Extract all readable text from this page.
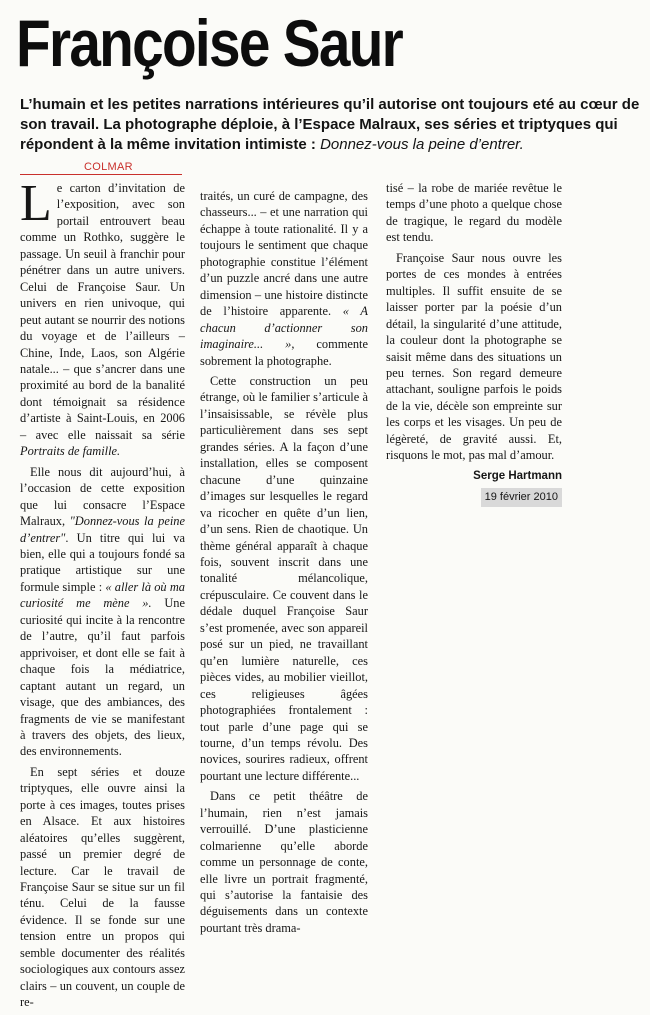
Françoise Saur
L’humain et les petites narrations intérieures qu’il autorise ont toujours eté au cœur de son travail. La photographe déploie, à l’Espace Malraux, ses séries et triptyques qui répondent à la même invitation intimiste : Donnez-vous la peine d’entrer.
COLMAR

Le carton d’invitation de l’exposition, avec son portail entrouvert beau comme un Rothko, suggère le passage. Un seuil à franchir pour pénétrer dans un autre univers. Celui de Françoise Saur. Un univers en rien univoque, qui peut autant se nourrir des notions du voyage et de l’ailleurs – Chine, Inde, Laos, son Algérie natale... – que s’ancrer dans une proximité au bord de la banalité dont témoignait sa résidence d’artiste à Saint-Louis, en 2006 – avec elle naissait sa série Portraits de famille.

Elle nous dit aujourd’hui, à l’occasion de cette exposition que lui consacre l’Espace Malraux, "Donnez-vous la peine d’entrer". Un titre qui lui va bien, elle qui a toujours fondé sa pratique artistique sur une formule simple : « aller là où ma curiosité me mène ». Une curiosité qui incite à la rencontre de l’autre, qu’il faut parfois apprivoiser, et dont elle se fait à chaque fois la médiatrice, captant autant un regard, un visage, que des ambiances, des fragments de vie se manifestant à travers des objets, des lieux, des environnements.

En sept séries et douze triptyques, elle ouvre ainsi la porte à ces images, toutes prises en Alsace. Et aux histoires aléatoires qu’elles suggèrent, passé un premier degré de lecture. Car le travail de Françoise Saur se situe sur un fil ténu. Celui de la fausse évidence. Il se fonde sur une tension entre un propos qui semble documenter des réalités sociologiques aux contours assez clairs – un couvent, un couple de re-

traités, un curé de campagne, des chasseurs... – et une narration qui échappe à toute rationalité. Il y a toujours le sentiment que chaque photographie constitue l’élément d’un puzzle ancré dans une autre dimension – une histoire distincte de l’histoire apparente. « A chacun d’actionner son imaginaire... », commente sobrement la photographe.

Cette construction un peu étrange, où le familier s’articule à l’insaisissable, se révèle plus particulièrement dans ses sept grandes séries. A la façon d’une installation, elles se composent chacune d’une quinzaine d’images sur lesquelles le regard va ricocher en quête d’un lien, d’un sens. Rien de chaotique. Un thème général apparaît à chaque fois, souvent inscrit dans une tonalité mélancolique, crépusculaire. Ce couvent dans le dédale duquel Françoise Saur s’est promenée, avec son appareil posé sur un pied, ne travaillant qu’en lumière naturelle, ces pièces vides, au mobilier vieillot, ces religieuses âgées photographiées frontalement : tout parle d’une page qui se tourne, d’un temps révolu. Des novices, sourires radieux, offrent pourtant une lecture différente...

Dans ce petit théâtre de l’humain, rien n’est jamais verrouillé. D’une plasticienne colmarienne qu’elle aborde comme un personnage de conte, elle livre un portrait fragmenté, qui s’autorise la fantaisie des déguisements dans un contexte pourtant très drama-

tisé – la robe de mariée revêtue le temps d’une photo a quelque chose de tragique, le regard du modèle est tendu.

Françoise Saur nous ouvre les portes de ces mondes à entrées multiples. Il suffit ensuite de se laisser porter par la poésie d’un détail, la singularité d’une attitude, la couleur dont la photographe se saisit même dans des situations un peu ternes. Son regard demeure attachant, souligne parfois le poids de la vie, décèle son empreinte sur les corps et les visages. Un peu de légèreté, de gravité aussi. Et, risquons le mot, pas mal d’amour.

Serge Hartmann
19 février 2010
